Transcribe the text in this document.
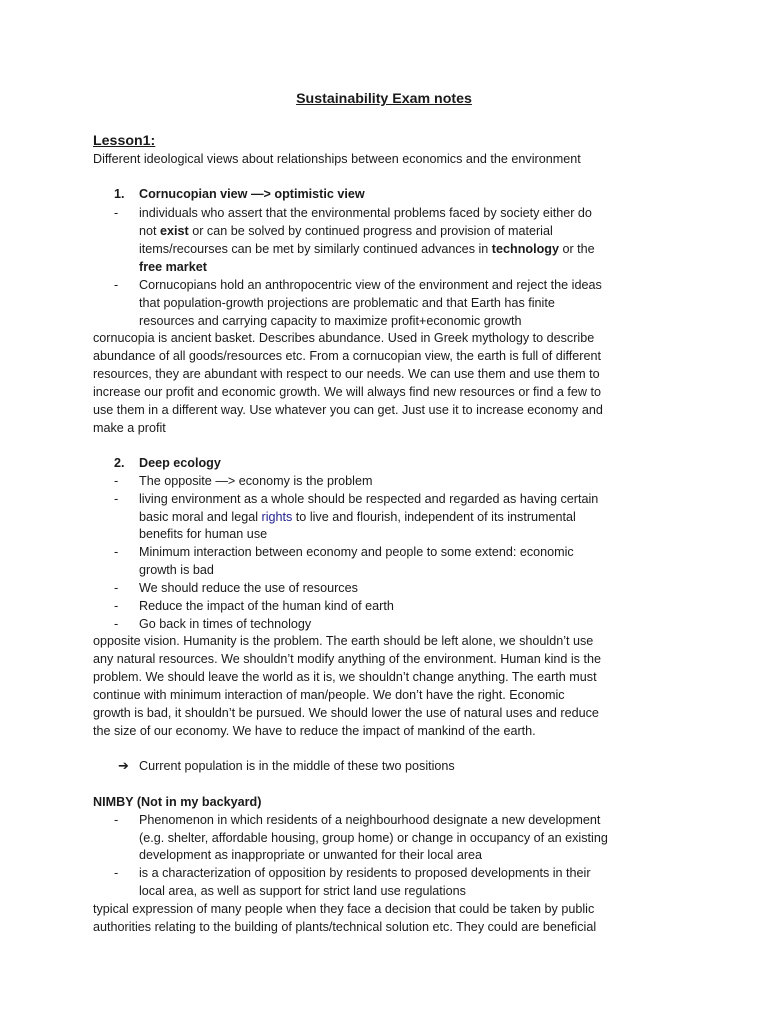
Sustainability Exam notes
Lesson1:
Different ideological views about relationships between economics and the environment
1.	Cornucopian view —> optimistic view
-	individuals who assert that the environmental problems faced by society either do
not exist or can be solved by continued progress and provision of material
items/recourses can be met by similarly continued advances in technology or the
free market
-	Cornucopians hold an anthropocentric view of the environment and reject the ideas
that population-growth projections are problematic and that Earth has finite
resources and carrying capacity to maximize profit+economic growth
cornucopia is ancient basket. Describes abundance. Used in Greek mythology to describe
abundance of all goods/resources etc. From a cornucopian view, the earth is full of different
resources, they are abundant with respect to our needs. We can use them and use them to
increase our profit and economic growth. We will always find new resources or find a few to
use them in a different way. Use whatever you can get. Just use it to increase economy and
make a profit
2.	Deep ecology
-	The opposite —> economy is the problem
-	living environment as a whole should be respected and regarded as having certain
basic moral and legal rights to live and flourish, independent of its instrumental
benefits for human use
-	Minimum interaction between economy and people to some extend: economic
growth is bad
-	We should reduce the use of resources
-	Reduce the impact of the human kind of earth
-	Go back in times of technology
opposite vision. Humanity is the problem. The earth should be left alone, we shouldn’t use
any natural resources. We shouldn’t modify anything of the environment. Human kind is the
problem. We should leave the world as it is, we shouldn’t change anything. The earth must
continue with minimum interaction of man/people. We don’t have the right. Economic
growth is bad, it shouldn’t be pursued. We should lower the use of natural uses and reduce
the size of our economy. We have to reduce the impact of mankind of the earth.
➔ Current population is in the middle of these two positions
NIMBY (Not in my backyard)
-	Phenomenon in which residents of a neighbourhood designate a new development
(e.g. shelter, affordable housing, group home) or change in occupancy of an existing
development as inappropriate or unwanted for their local area
-	is a characterization of opposition by residents to proposed developments in their
local area, as well as support for strict land use regulations
typical expression of many people when they face a decision that could be taken by public
authorities relating to the building of plants/technical solution etc. They could are beneficial
